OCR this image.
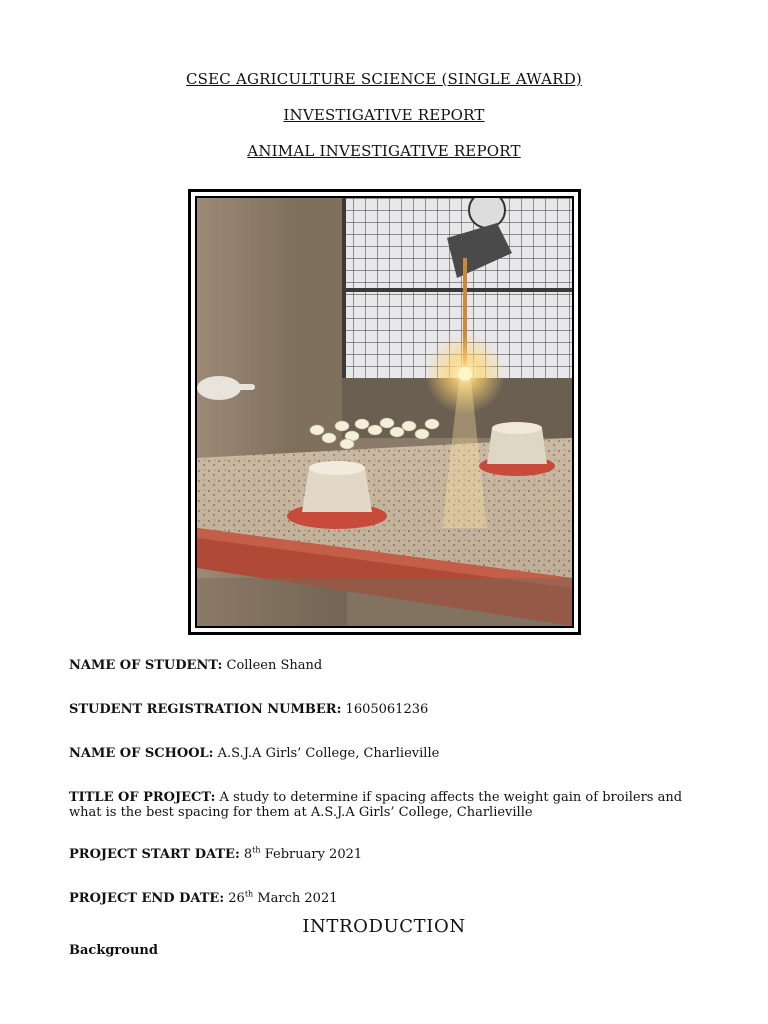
CSEC AGRICULTURE SCIENCE (SINGLE AWARD)
INVESTIGATIVE REPORT
ANIMAL INVESTIGATIVE REPORT
NAME OF STUDENT: Colleen Shand
STUDENT REGISTRATION NUMBER: 1605061236
NAME OF SCHOOL: A.S.J.A Girls’ College, Charlieville
TITLE OF PROJECT: A study to determine if spacing affects the weight gain of broilers and what is the best spacing for them at A.S.J.A Girls’ College, Charlieville
PROJECT START DATE: 8th February 2021
PROJECT END DATE: 26th March 2021
INTRODUCTION
Background
